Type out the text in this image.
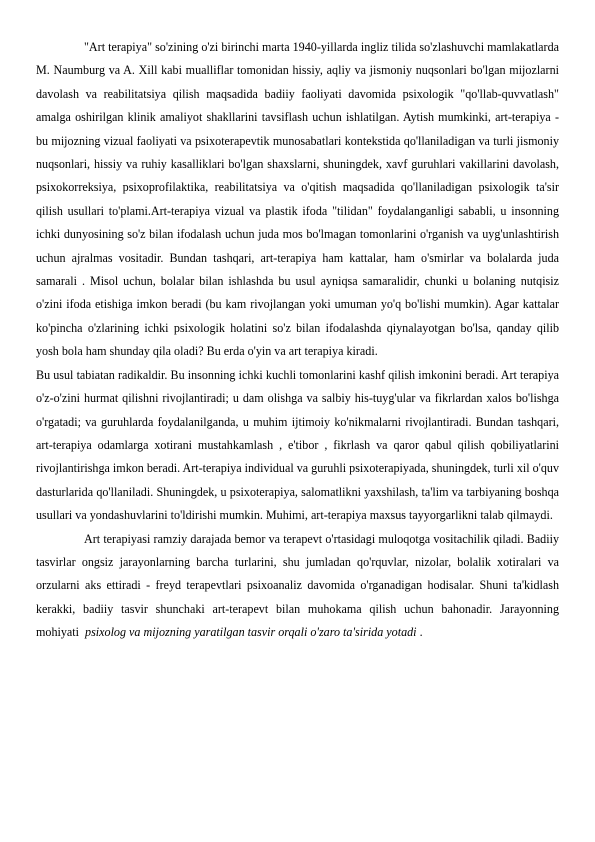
"Art terapiya" so'zining o'zi birinchi marta 1940-yillarda ingliz tilida so'zlashuvchi mamlakatlarda M. Naumburg va A. Xill kabi mualliflar tomonidan hissiy, aqliy va jismoniy nuqsonlari bo'lgan mijozlarni davolash va reabilitatsiya qilish maqsadida badiiy faoliyati davomida psixologik "qo'llab-quvvatlash" amalga oshirilgan klinik amaliyot shakllarini tavsiflash uchun ishlatilgan. Aytish mumkinki, art-terapiya - bu mijozning vizual faoliyati va psixoterapevtik munosabatlari kontekstida qo'llaniladigan va turli jismoniy nuqsonlari, hissiy va ruhiy kasalliklari bo'lgan shaxslarni, shuningdek, xavf guruhlari vakillarini davolash, psixokorreksiya, psixoprofilaktika, reabilitatsiya va o'qitish maqsadida qo'llaniladigan psixologik ta'sir qilish usullari to'plami.Art-terapiya vizual va plastik ifoda "tilidan" foydalanganligi sababli, u insonning ichki dunyosining so'z bilan ifodalash uchun juda mos bo'lmagan tomonlarini o'rganish va uyg'unlashtirish uchun ajralmas vositadir. Bundan tashqari, art-terapiya ham kattalar, ham o'smirlar va bolalarda juda samarali . Misol uchun, bolalar bilan ishlashda bu usul ayniqsa samaralidir, chunki u bolaning nutqisiz o'zini ifoda etishiga imkon beradi (bu kam rivojlangan yoki umuman yo'q bo'lishi mumkin). Agar kattalar ko'pincha o'zlarining ichki psixologik holatini so'z bilan ifodalashda qiynalayotgan bo'lsa, qanday qilib yosh bola ham shunday qila oladi? Bu erda o'yin va art terapiya kiradi.

Bu usul tabiatan radikaldir. Bu insonning ichki kuchli tomonlarini kashf qilish imkonini beradi. Art terapiya o'z-o'zini hurmat qilishni rivojlantiradi; u dam olishga va salbiy his-tuyg'ular va fikrlardan xalos bo'lishga o'rgatadi; va guruhlarda foydalanilganda, u muhim ijtimoiy ko'nikmalarni rivojlantiradi. Bundan tashqari, art-terapiya odamlarga xotirani mustahkamlash , e'tibor , fikrlash va qaror qabul qilish qobiliyatlarini rivojlantirishga imkon beradi. Art-terapiya individual va guruhli psixoterapiyada, shuningdek, turli xil o'quv dasturlarida qo'llaniladi. Shuningdek, u psixoterapiya, salomatlikni yaxshilash, ta'lim va tarbiyaning boshqa usullari va yondashuvlarini to'ldirishi mumkin. Muhimi, art-terapiya maxsus tayyorgarlikni talab qilmaydi.

Art terapiyasi ramziy darajada bemor va terapevt o'rtasidagi muloqotga vositachilik qiladi. Badiiy tasvirlar ongsiz jarayonlarning barcha turlarini, shu jumladan qo'rquvlar, nizolar, bolalik xotiralari va orzularni aks ettiradi - freyd terapevtlari psixoanaliz davomida o'rganadigan hodisalar. Shuni ta'kidlash kerakki, badiiy tasvir shunchaki art-terapevt bilan muhokama qilish uchun bahonadir. Jarayonning mohiyati psixolog va mijozning yaratilgan tasvir orqali o'zaro ta'sirida yotadi .
